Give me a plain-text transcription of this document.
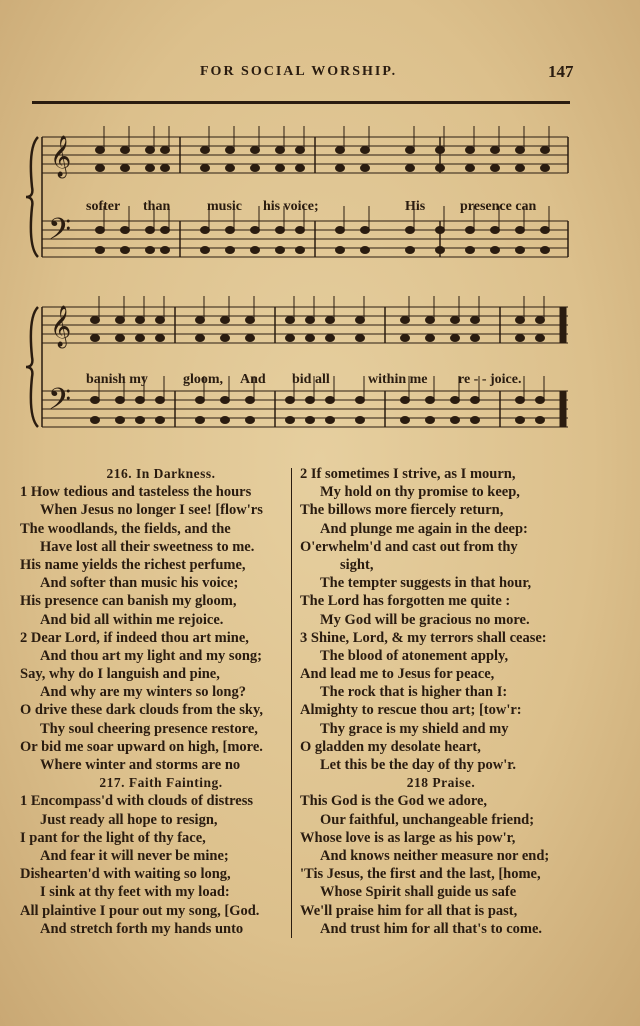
FOR SOCIAL WORSHIP.	147
𝄞
𝄢
𝄞
𝄢
softer than	music his voice;	His presence can
banish my	gloom, And bid all	within me re - - joice.
216. In Darkness.
1 How tedious and tasteless the hours
When Jesus no longer I see! [flow'rs
The woodlands, the fields, and the
Have lost all their sweetness to me.
His name yields the richest perfume,
And softer than music his voice;
His presence can banish my gloom,
And bid all within me rejoice.
2 Dear Lord, if indeed thou art mine,
And thou art my light and my song;
Say, why do I languish and pine,
And why are my winters so long?
O drive these dark clouds from the sky,
Thy soul cheering presence restore,
Or bid me soar upward on high, [more.
Where winter and storms are no
217. Faith Fainting.
1 Encompass'd with clouds of distress
Just ready all hope to resign,
I pant for the light of thy face,
And fear it will never be mine;
Dishearten'd with waiting so long,
I sink at thy feet with my load:
All plaintive I pour out my song, [God.
And stretch forth my hands unto
2 If sometimes I strive, as I mourn,
My hold on thy promise to keep,
The billows more fiercely return,
And plunge me again in the deep:
O'erwhelm'd and cast out from thy
sight,
The tempter suggests in that hour,
The Lord has forgotten me quite :
My God will be gracious no more.
3 Shine, Lord, & my terrors shall cease:
The blood of atonement apply,
And lead me to Jesus for peace,
The rock that is higher than I:
Almighty to rescue thou art; [tow'r:
Thy grace is my shield and my
O gladden my desolate heart,
Let this be the day of thy pow'r.
218 Praise.
This God is the God we adore,
Our faithful, unchangeable friend;
Whose love is as large as his pow'r,
And knows neither measure nor end;
'Tis Jesus, the first and the last, [home,
Whose Spirit shall guide us safe
We'll praise him for all that is past,
And trust him for all that's to come.
